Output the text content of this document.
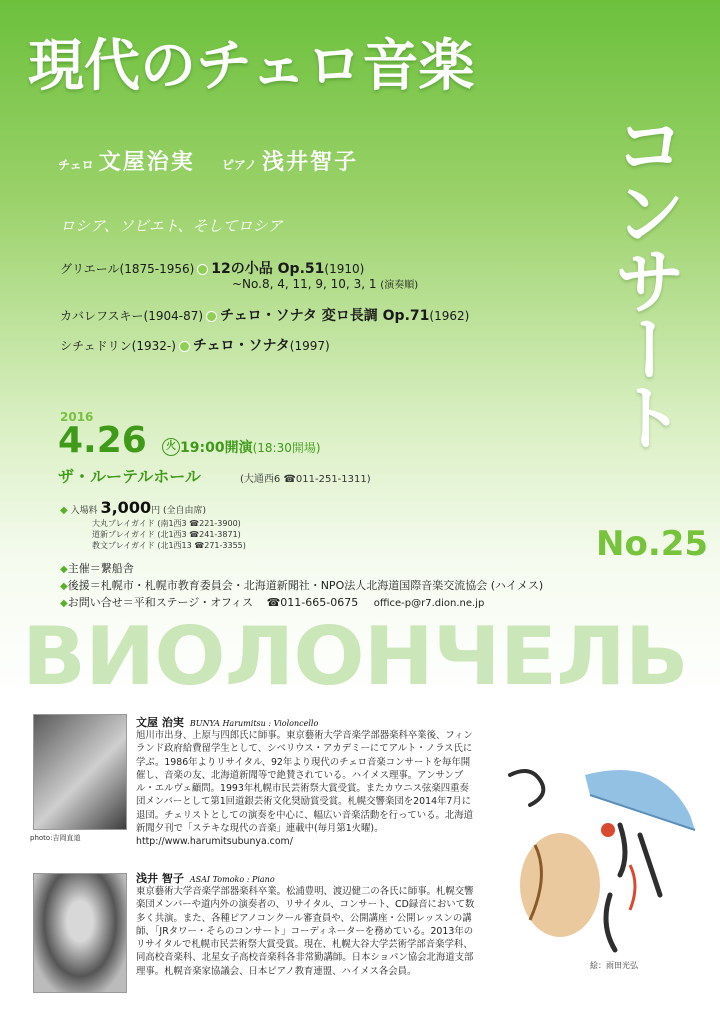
現代のチェロ音楽
コンサート
チェロ 文屋治実 ピアノ 浅井智子
ロシア、ソビエト、そしてロシア
グリエール(1875-1956) 12の小品 Op.51(1910)
~No.8, 4, 11, 9, 10, 3, 1 (演奏順)
カバレフスキー(1904-87) チェロ・ソナタ 変ロ長調 Op.71(1962)
シチェドリン(1932-) チェロ・ソナタ(1997)
2016
4.26	火 19:00開演(18:30開場)
ザ・ルーテルホール	(大通西6 ☎011-251-1311)
◆ 入場料 3,000円 (全自由席)
大丸プレイガイド (南1西3 ☎221-3900)
道新プレイガイド (北1西3 ☎241-3871)
教文プレイガイド (北1西13 ☎271-3355)	No.25
◆主催＝繋船舎
◆後援＝札幌市・札幌市教育委員会・北海道新聞社・NPO法人北海道国際音楽交流協会 (ハイメス)
◆お問い合せ＝平和ステージ・オフィス ☎011-665-0675 office-p@r7.dion.ne.jp
ВИОЛОНЧЕЛЬ
photo:吉岡直道
文屋 治実 BUNYA Harumitsu : Violoncello
旭川市出身、上原与四郎氏に師事。東京藝術大学音楽学部器楽科卒業後、フィンランド政府給費留学生として、シベリウス・アカデミーにてアルト・ノラス氏に学ぶ。1986年よりリサイタル、92年より現代のチェロ音楽コンサートを毎年開催し、音楽の友、北海道新聞等で絶賛されている。ハイメス理事。アンサンブル・エルヴェ顧問。1993年札幌市民芸術祭大賞受賞。またカウニス弦楽四重奏団メンバーとして第1回道銀芸術文化奨励賞受賞。札幌交響楽団を2014年7月に退団。チェリストとしての演奏を中心に、幅広い音楽活動を行っている。北海道新聞夕刊で「ステキな現代の音楽」連載中(毎月第1火曜)。http://www.harumitsubunya.com/
浅井 智子 ASAI Tomoko : Piano
東京藝術大学音楽学部器楽科卒業。松浦豊明、渡辺健二の各氏に師事。札幌交響楽団メンバーや道内外の演奏者の、リサイタル、コンサート、CD録音において数多く共演。また、各種ピアノコンクール審査員や、公開講座・公開レッスンの講師、「JRタワー・そらのコンサート」コーディネーターを務めている。2013年のリサイタルで札幌市民芸術祭大賞受賞。現在、札幌大谷大学芸術学部音楽学科、同高校音楽科、北星女子高校音楽科各非常勤講師。日本ショパン協会北海道支部理事。札幌音楽家協議会、日本ピアノ教育連盟、ハイメス各会員。
絵：雨田光弘
